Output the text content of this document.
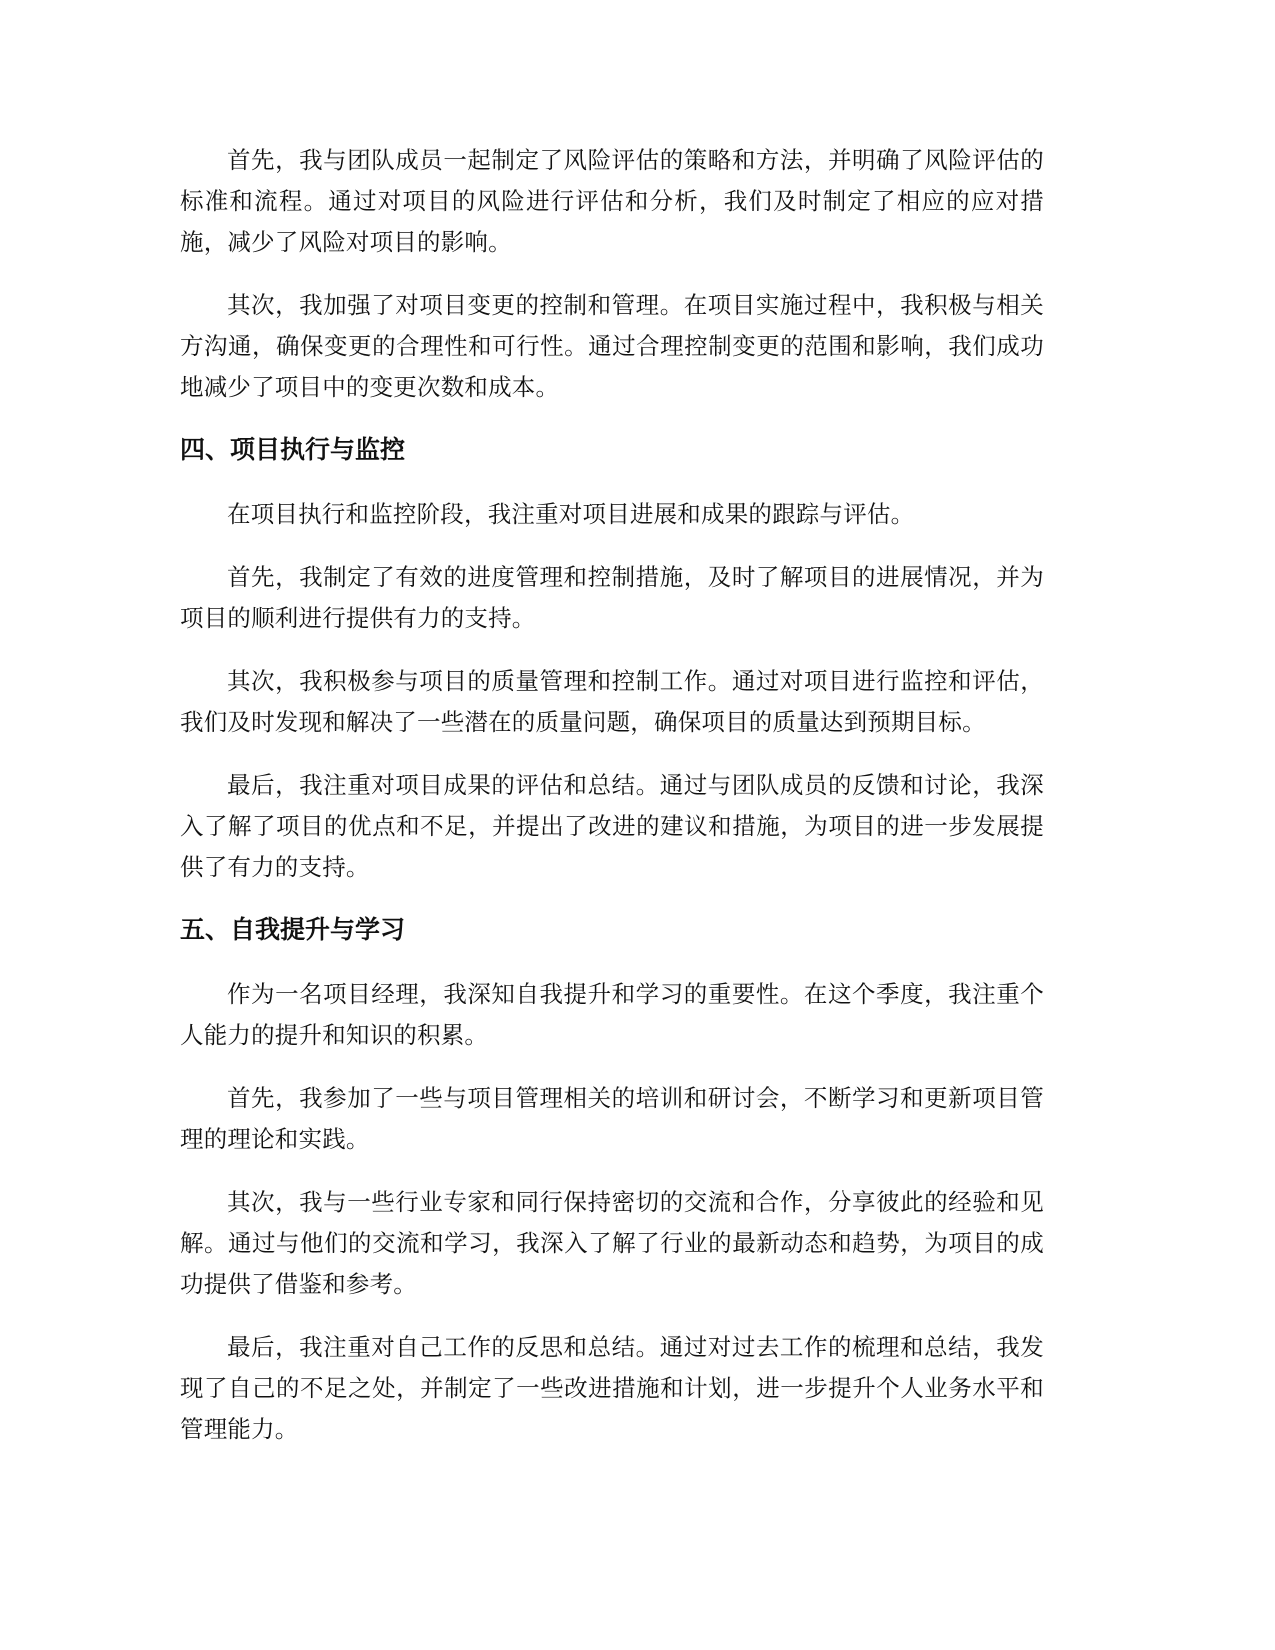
首先，我与团队成员一起制定了风险评估的策略和方法，并明确了风险评估的标准和流程。通过对项目的风险进行评估和分析，我们及时制定了相应的应对措施，减少了风险对项目的影响。

其次，我加强了对项目变更的控制和管理。在项目实施过程中，我积极与相关方沟通，确保变更的合理性和可行性。通过合理控制变更的范围和影响，我们成功地减少了项目中的变更次数和成本。

四、项目执行与监控

在项目执行和监控阶段，我注重对项目进展和成果的跟踪与评估。

首先，我制定了有效的进度管理和控制措施，及时了解项目的进展情况，并为项目的顺利进行提供有力的支持。

其次，我积极参与项目的质量管理和控制工作。通过对项目进行监控和评估，我们及时发现和解决了一些潜在的质量问题，确保项目的质量达到预期目标。

最后，我注重对项目成果的评估和总结。通过与团队成员的反馈和讨论，我深入了解了项目的优点和不足，并提出了改进的建议和措施，为项目的进一步发展提供了有力的支持。

五、自我提升与学习

作为一名项目经理，我深知自我提升和学习的重要性。在这个季度，我注重个人能力的提升和知识的积累。

首先，我参加了一些与项目管理相关的培训和研讨会，不断学习和更新项目管理的理论和实践。

其次，我与一些行业专家和同行保持密切的交流和合作，分享彼此的经验和见解。通过与他们的交流和学习，我深入了解了行业的最新动态和趋势，为项目的成功提供了借鉴和参考。

最后，我注重对自己工作的反思和总结。通过对过去工作的梳理和总结，我发现了自己的不足之处，并制定了一些改进措施和计划，进一步提升个人业务水平和管理能力。
